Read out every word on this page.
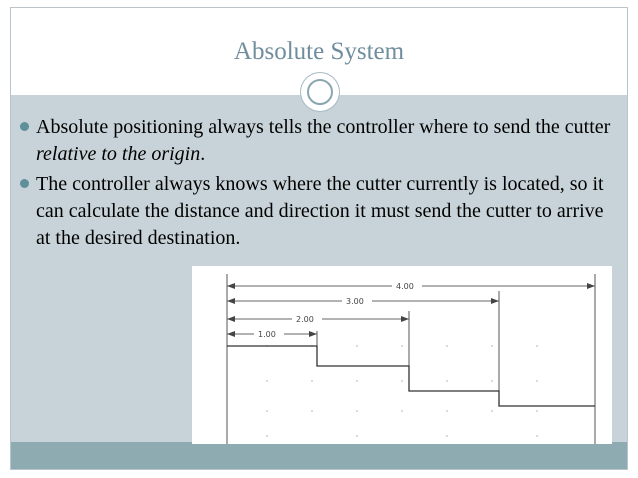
Absolute System
Absolute positioning always tells the controller where to send the cutter relative to the origin.
The controller always knows where the cutter currently is located, so it can calculate the distance and direction it must send the cutter to arrive at the desired destination.
4.00
3.00
2.00
1.00
